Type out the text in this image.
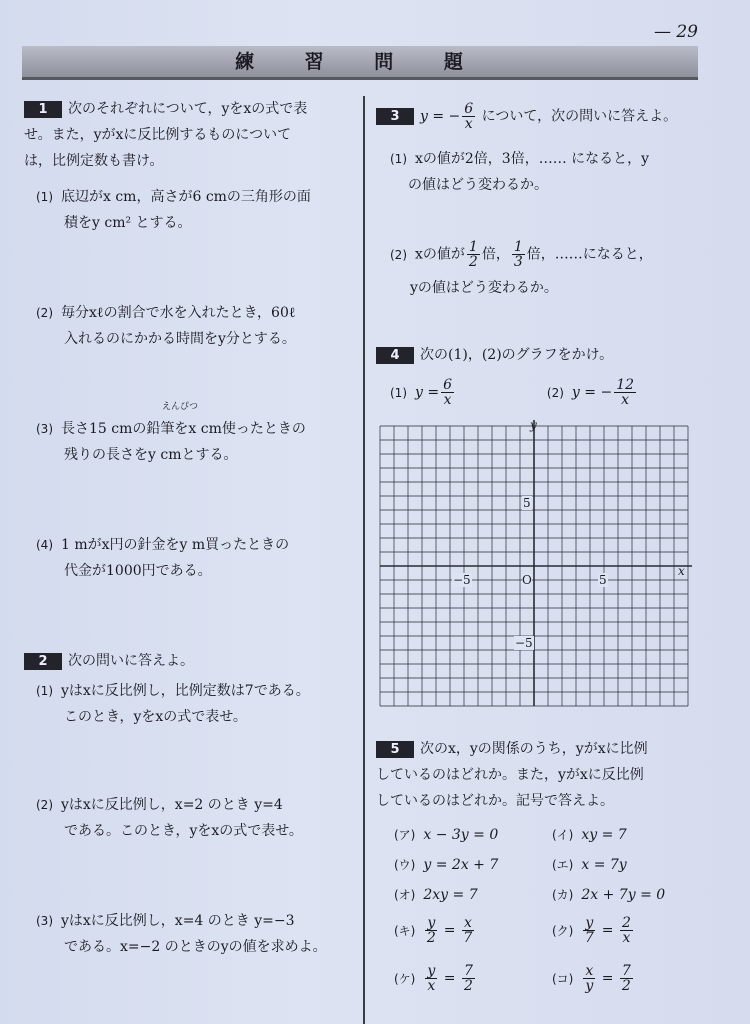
— 29
練 習 問 題

1 次のそれぞれについて，yをxの式で表

せ。また，yがxに反比例するものについて

は，比例定数も書け。

(1) 底辺がx cm，高さが6 cmの三角形の面

積をy cm² とする。

(2) 毎分xℓの割合で水を入れたとき，60ℓ

入れるのにかかる時間をy分とする。

えんぴつ

(3) 長さ15 cmの鉛筆をx cm使ったときの

残りの長さをy cmとする。

(4) 1 mがx円の針金をy m買ったときの

代金が1000円である。

2 次の問いに答えよ。

(1) yはxに反比例し，比例定数は7である。

このとき，yをxの式で表せ。

(2) yはxに反比例し，x=2 のとき y=4

である。このとき，yをxの式で表せ。

(3) yはxに反比例し，x=4 のとき y=−3

である。x=−2 のときのyの値を求めよ。

3 y = − $\frac{6}{x}$ について，次の問いに答えよ。

(1) xの値が2倍，3倍，…… になると，y

の値はどう変わるか。

(2) xの値が $\frac{1}{2}$ 倍， $\frac{1}{3}$ 倍，……になると，

yの値はどう変わるか。

4 次の(1)，(2)のグラフをかけ。

(1) $y = \frac{6}{x}$	(2) y = − $\frac{12}{x}$
y
x
O	5
−5
5
−5

5 次のx，yの関係のうち，yがxに比例

しているのはどれか。また，yがxに反比例

しているのはどれか。記号で答えよ。

(ア) x − 3y = 0	(イ) xy = 7
(ウ) y = 2x + 7	(エ) x = 7y
(オ) 2xy = 7	(カ) 2x + 7y = 0
(キ) $\frac{y}{2} = \frac{x}{7}$	(ク) $\frac{y}{7} = \frac{2}{x}$
(ケ) $\frac{y}{x} = \frac{7}{2}$	(コ) $\frac{x}{y} = \frac{7}{2}$
